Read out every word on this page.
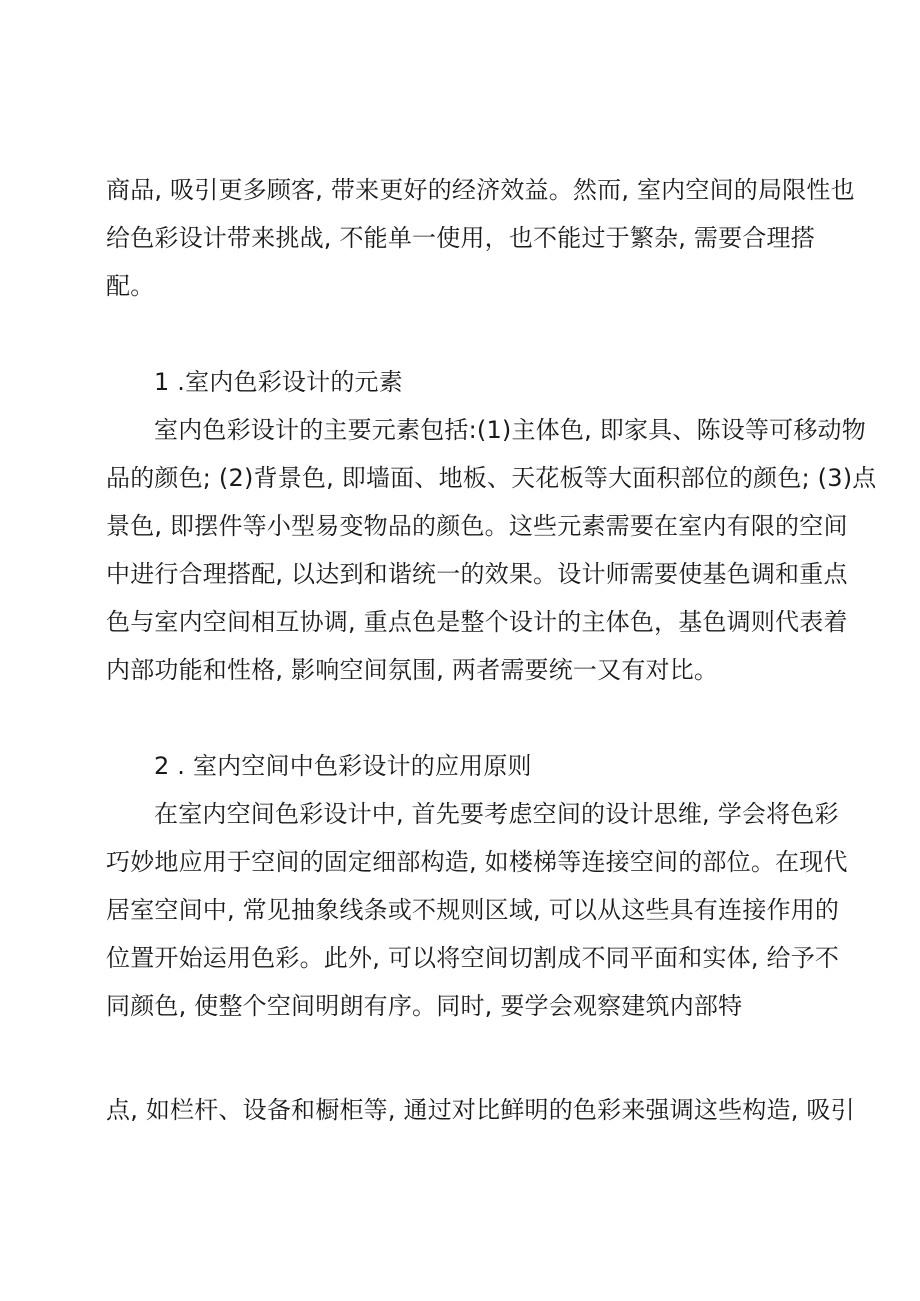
商品, 吸引更多顾客, 带来更好的经济效益。然而, 室内空间的局限性也
给色彩设计带来挑战, 不能单一使用，也不能过于繁杂, 需要合理搭
配。
1 .室内色彩设计的元素
室内色彩设计的主要元素包括:(1)主体色, 即家具、陈设等可移动物
品的颜色; (2)背景色, 即墙面、地板、天花板等大面积部位的颜色; (3)点
景色, 即摆件等小型易变物品的颜色。这些元素需要在室内有限的空间
中进行合理搭配, 以达到和谐统一的效果。设计师需要使基色调和重点
色与室内空间相互协调, 重点色是整个设计的主体色，基色调则代表着
内部功能和性格, 影响空间氛围, 两者需要统一又有对比。
2 . 室内空间中色彩设计的应用原则
在室内空间色彩设计中, 首先要考虑空间的设计思维, 学会将色彩
巧妙地应用于空间的固定细部构造, 如楼梯等连接空间的部位。在现代
居室空间中, 常见抽象线条或不规则区域, 可以从这些具有连接作用的
位置开始运用色彩。此外, 可以将空间切割成不同平面和实体, 给予不
同颜色, 使整个空间明朗有序。同时, 要学会观察建筑内部特
点, 如栏杆、设备和橱柜等, 通过对比鲜明的色彩来强调这些构造, 吸引
